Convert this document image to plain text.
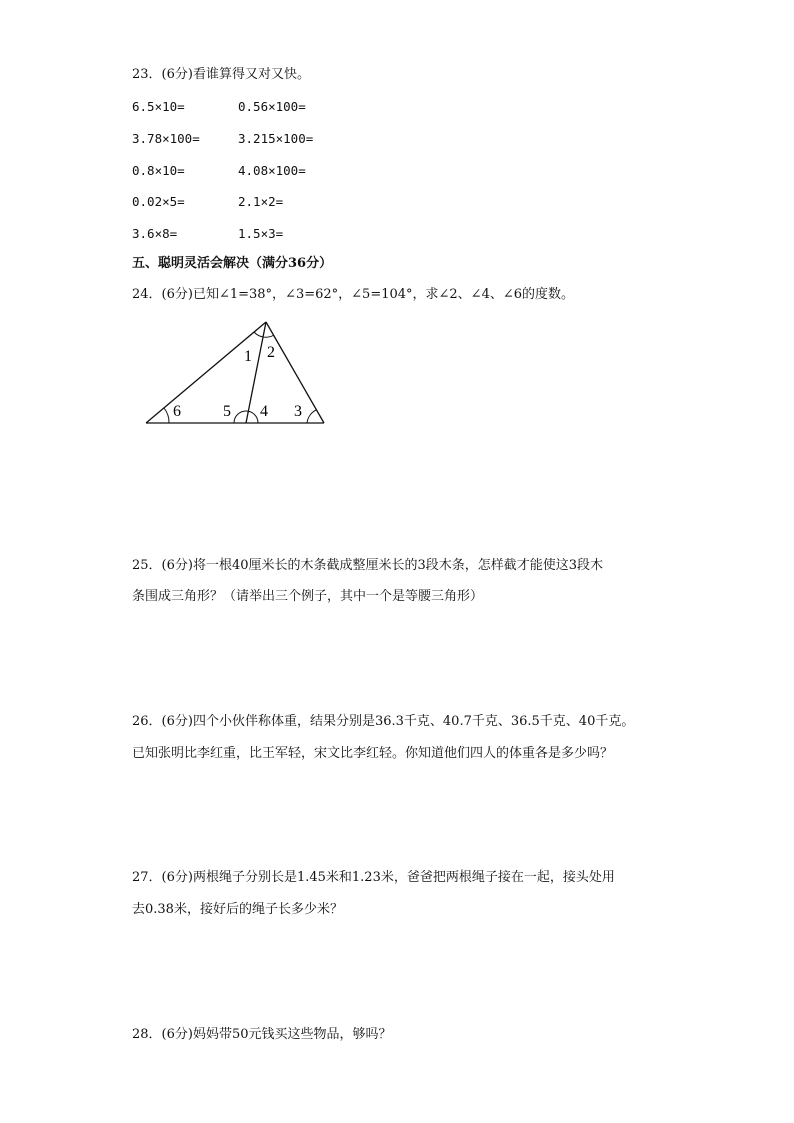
23．(6分)看谁算得又对又快。
6.5×10=	0.56×100=
3.78×100=	3.215×100=
0.8×10=	4.08×100=
0.02×5=	2.1×2=
3.6×8=	1.5×3=
五、聪明灵活会解决（满分36分）
24．(6分)已知∠1=38°，∠3=62°，∠5=104°，求∠2、∠4、∠6的度数。
1 2
3
4
5
6
25．(6分)将一根40厘米长的木条截成整厘米长的3段木条，怎样截才能使这3段木
条围成三角形？（请举出三个例子，其中一个是等腰三角形）
26．(6分)四个小伙伴称体重，结果分别是36.3千克、40.7千克、36.5千克、40千克。
已知张明比李红重，比王军轻，宋文比李红轻。你知道他们四人的体重各是多少吗？
27．(6分)两根绳子分别长是1.45米和1.23米，爸爸把两根绳子接在一起，接头处用
去0.38米，接好后的绳子长多少米？
28．(6分)妈妈带50元钱买这些物品，够吗？
